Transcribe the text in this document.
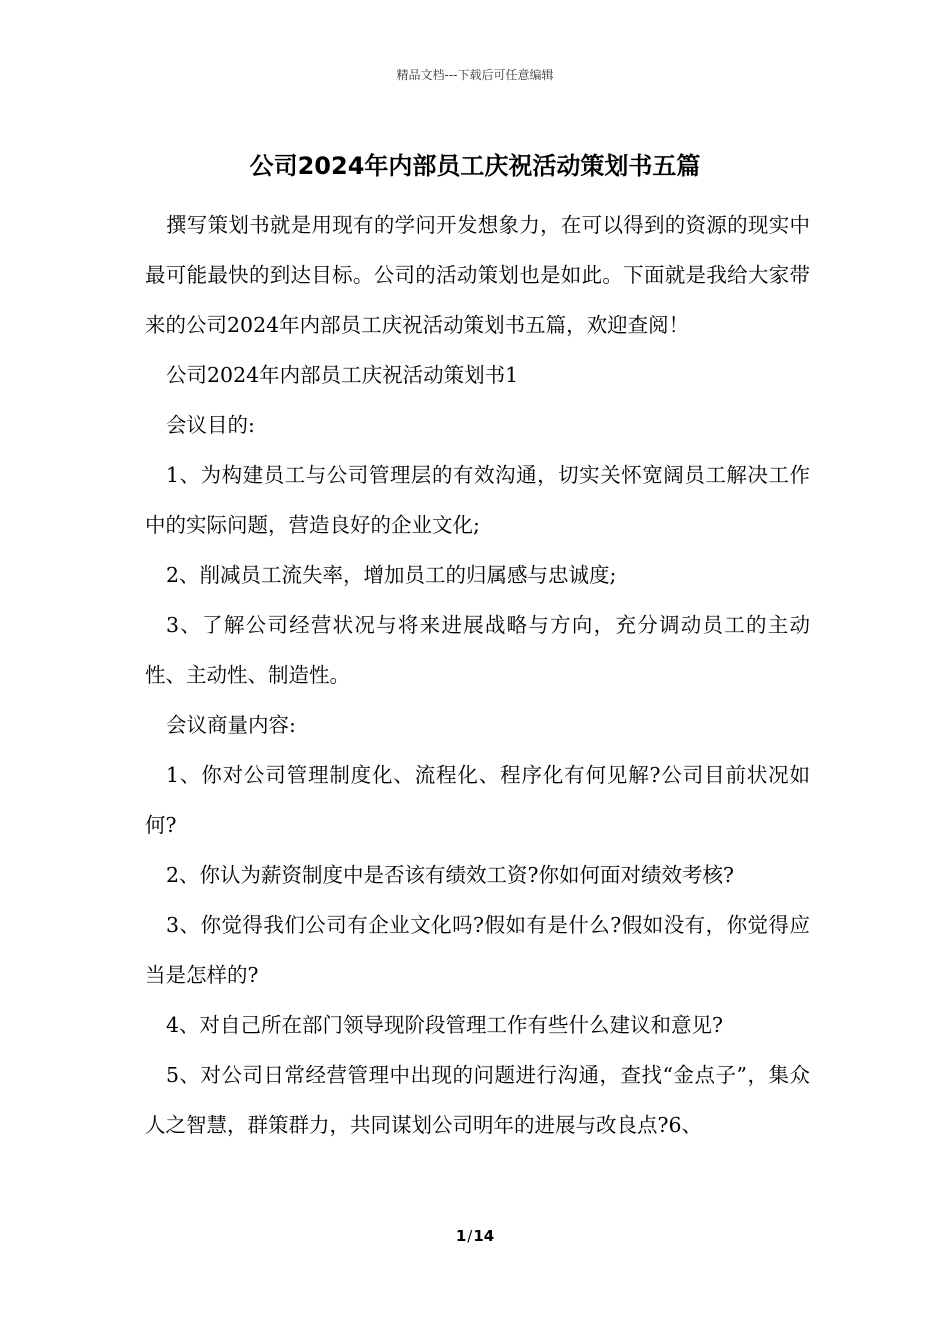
精品文档---下载后可任意编辑
公司2024年内部员工庆祝活动策划书五篇

撰写策划书就是用现有的学问开发想象力，在可以得到的资源的现实中最可能最快的到达目标。公司的活动策划也是如此。下面就是我给大家带来的公司2024年内部员工庆祝活动策划书五篇，欢迎查阅！

公司2024年内部员工庆祝活动策划书1

会议目的:

1、为构建员工与公司管理层的有效沟通，切实关怀宽阔员工解决工作中的实际问题，营造良好的企业文化;

2、削减员工流失率，增加员工的归属感与忠诚度;

3、了解公司经营状况与将来进展战略与方向，充分调动员工的主动性、主动性、制造性。

会议商量内容:

1、你对公司管理制度化、流程化、程序化有何见解?公司目前状况如何?

2、你认为薪资制度中是否该有绩效工资?你如何面对绩效考核?

3、你觉得我们公司有企业文化吗?假如有是什么?假如没有，你觉得应当是怎样的?

4、对自己所在部门领导现阶段管理工作有些什么建议和意见?

5、对公司日常经营管理中出现的问题进行沟通，查找“金点子”，集众人之智慧，群策群力，共同谋划公司明年的进展与改良点?6、

1/14
